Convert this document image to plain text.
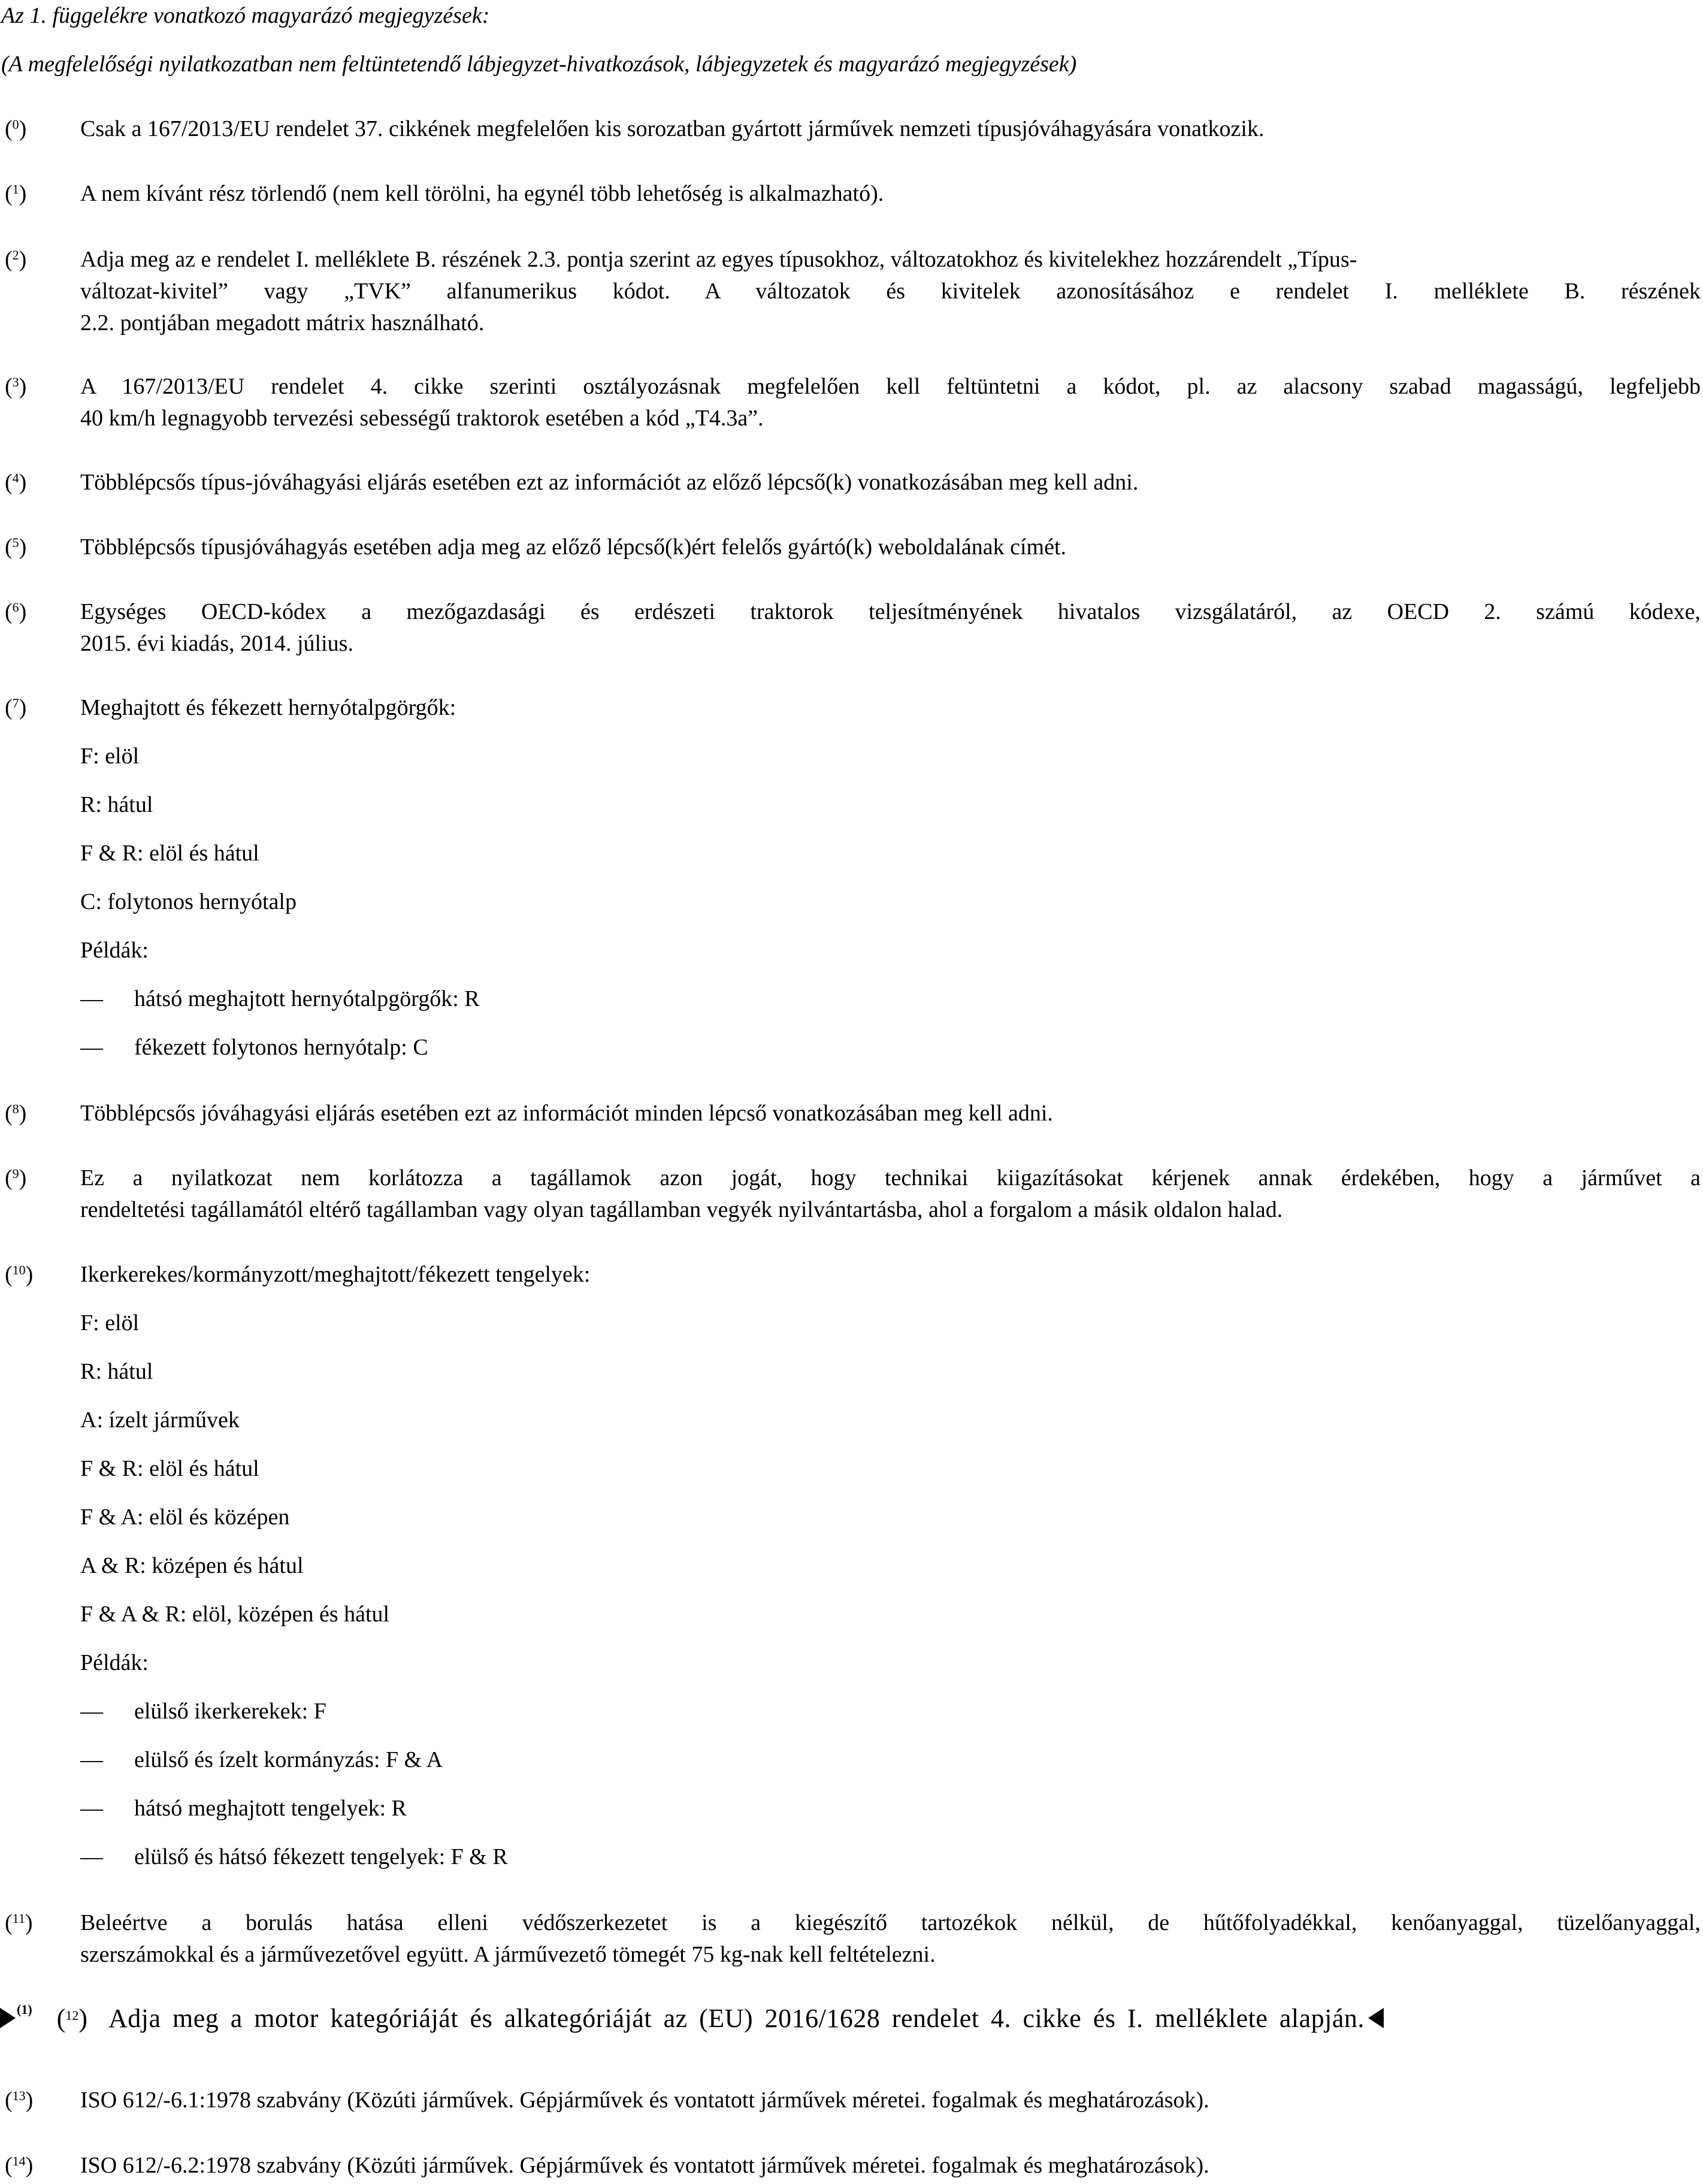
Az 1. függelékre vonatkozó magyarázó megjegyzések:
(A megfelelőségi nyilatkozatban nem feltüntetendő lábjegyzet-hivatkozások, lábjegyzetek és magyarázó megjegyzések)
($^0$) Csak a 167/2013/EU rendelet 37. cikkének megfelelően kis sorozatban gyártott járművek nemzeti típusjóváhagyására vonatkozik.
($^1$) A nem kívánt rész törlendő (nem kell törölni, ha egynél több lehetőség is alkalmazható).
($^2$) Adja meg az e rendelet I. melléklete B. részének 2.3. pontja szerint az egyes típusokhoz, változatokhoz és kivitelekhez hozzárendelt „Típus-
változat-kivitel” vagy „TVK” alfanumerikus kódot. A változatok és kivitelek azonosításához e rendelet I. melléklete B. részének
2.2. pontjában megadott mátrix használható.
($^3$) A 167/2013/EU rendelet 4. cikke szerinti osztályozásnak megfelelően kell feltüntetni a kódot, pl. az alacsony szabad magasságú, legfeljebb
40 km/h legnagyobb tervezési sebességű traktorok esetében a kód „T4.3a”.
($^4$) Többlépcsős típus-jóváhagyási eljárás esetében ezt az információt az előző lépcső(k) vonatkozásában meg kell adni.
($^5$) Többlépcsős típusjóváhagyás esetében adja meg az előző lépcső(k)ért felelős gyártó(k) weboldalának címét.
($^6$) Egységes OECD-kódex a mezőgazdasági és erdészeti traktorok teljesítményének hivatalos vizsgálatáról, az OECD 2. számú kódexe,
2015. évi kiadás, 2014. július.
($^7$) Meghajtott és fékezett hernyótalpgörgők:
F: elöl
R: hátul
F & R: elöl és hátul
C: folytonos hernyótalp
Példák:
— hátsó meghajtott hernyótalpgörgők: R
— fékezett folytonos hernyótalp: C
($^8$) Többlépcsős jóváhagyási eljárás esetében ezt az információt minden lépcső vonatkozásában meg kell adni.
($^9$) Ez a nyilatkozat nem korlátozza a tagállamok azon jogát, hogy technikai kiigazításokat kérjenek annak érdekében, hogy a járművet a
rendeltetési tagállamától eltérő tagállamban vagy olyan tagállamban vegyék nyilvántartásba, ahol a forgalom a másik oldalon halad.
($^{10}$) Ikerkerekes/kormányzott/meghajtott/fékezett tengelyek:
F: elöl
R: hátul
A: ízelt járművek
F & R: elöl és hátul
F & A: elöl és középen
A & R: középen és hátul
F & A & R: elöl, középen és hátul
Példák:
— elülső ikerkerekek: F
— elülső és ízelt kormányzás: F & A
— hátsó meghajtott tengelyek: R
— elülső és hátsó fékezett tengelyek: F & R
($^{11}$) Beleértve a borulás hatása elleni védőszerkezetet is a kiegészítő tartozékok nélkül, de hűtőfolyadékkal, kenőanyaggal, tüzelőanyaggal,
szerszámokkal és a járművezetővel együtt. A járművezető tömegét 75 kg-nak kell feltételezni.
$^{(1)}$ ($^{12}$) Adja meg a motor kategóriáját és alkategóriáját az (EU) 2016/1628 rendelet 4. cikke és I. melléklete alapján.
($^{13}$) ISO 612/-6.1:1978 szabvány (Közúti járművek. Gépjárművek és vontatott járművek méretei. fogalmak és meghatározások).
($^{14}$) ISO 612/-6.2:1978 szabvány (Közúti járművek. Gépjárművek és vontatott járművek méretei. fogalmak és meghatározások).
